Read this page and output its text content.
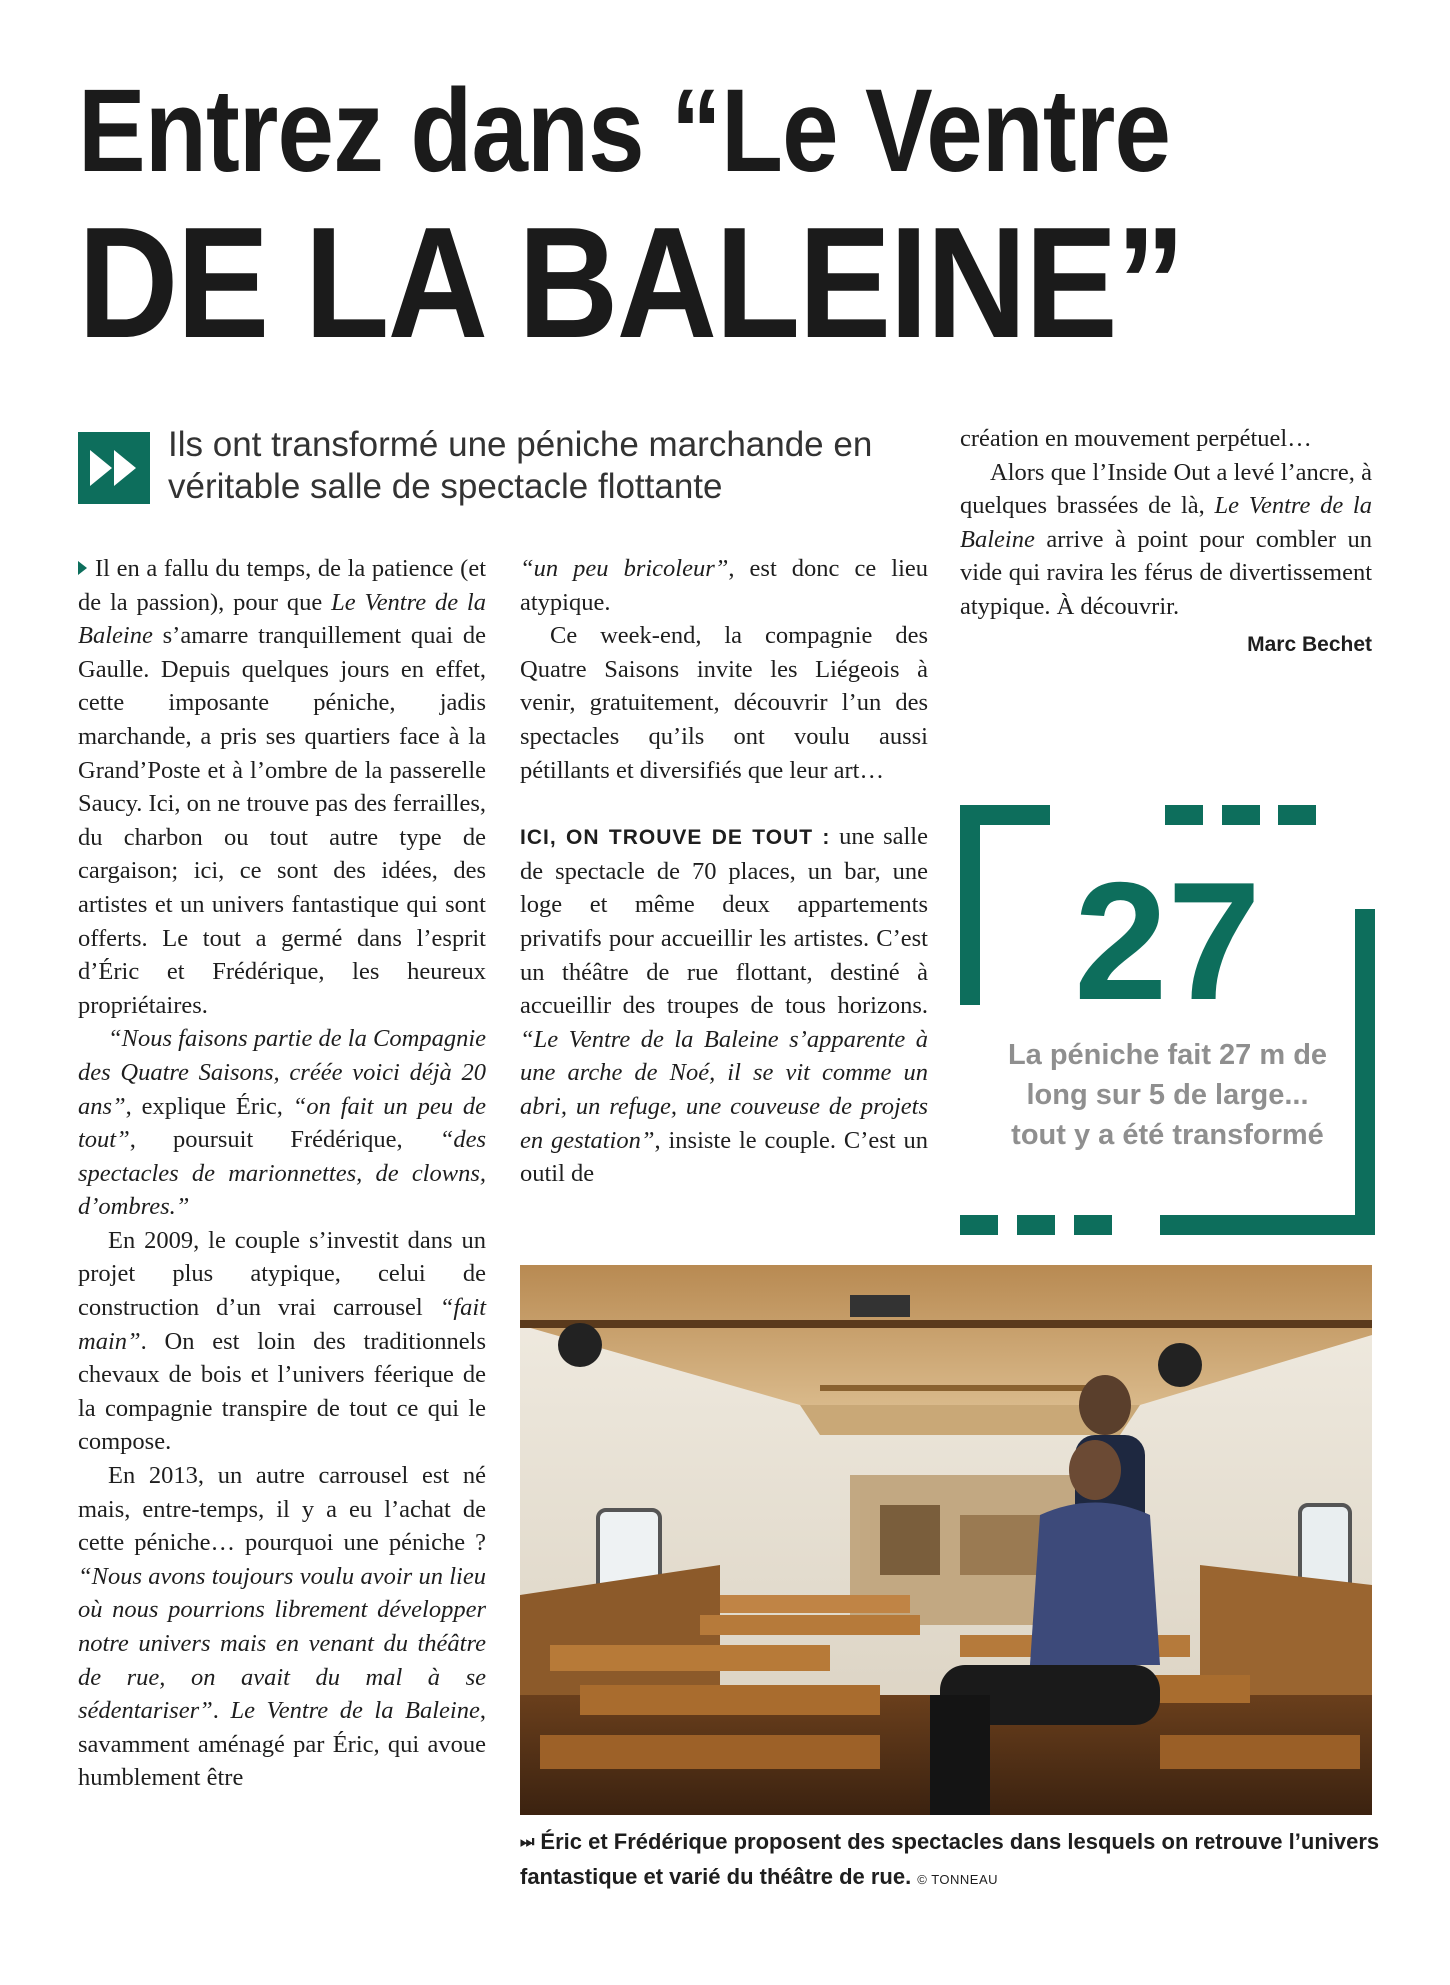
Entrez dans “Le Ventre
DE LA BALEINE”
Ils ont transformé une péniche marchande en véritable salle de spectacle flottante

Il en a fallu du temps, de la patience (et de la passion), pour que Le Ventre de la Baleine s’amarre tranquillement quai de Gaulle. Depuis quelques jours en effet, cette imposante péniche, jadis marchande, a pris ses quartiers face à la Grand’Poste et à l’ombre de la passerelle Saucy. Ici, on ne trouve pas des ferrailles, du charbon ou tout autre type de cargaison; ici, ce sont des idées, des artistes et un univers fantastique qui sont offerts. Le tout a germé dans l’esprit d’Éric et Frédérique, les heureux propriétaires.

“Nous faisons partie de la Compagnie des Quatre Saisons, créée voici déjà 20 ans”, explique Éric, “on fait un peu de tout”, poursuit Frédérique, “des spectacles de marionnettes, de clowns, d’ombres.”

En 2009, le couple s’investit dans un projet plus atypique, celui de construction d’un vrai carrousel “fait main”. On est loin des traditionnels chevaux de bois et l’univers féerique de la compagnie transpire de tout ce qui le compose.

En 2013, un autre carrousel est né mais, entre-temps, il y a eu l’achat de cette péniche… pourquoi une péniche ? “Nous avons toujours voulu avoir un lieu où nous pourrions librement développer notre univers mais en venant du théâtre de rue, on avait du mal à se sédentariser”. Le Ventre de la Baleine, savamment aménagé par Éric, qui avoue humblement être

“un peu bricoleur”, est donc ce lieu atypique.

Ce week-end, la compagnie des Quatre Saisons invite les Liégeois à venir, gratuitement, découvrir l’un des spectacles qu’ils ont voulu aussi pétillants et diversifiés que leur art…

ICI, ON TROUVE DE TOUT : une salle de spectacle de 70 places, un bar, une loge et même deux appartements privatifs pour accueillir les artistes. C’est un théâtre de rue flottant, destiné à accueillir des troupes de tous horizons. “Le Ventre de la Baleine s’apparente à une arche de Noé, il se vit comme un abri, un refuge, une couveuse de projets en gestation”, insiste le couple. C’est un outil de

création en mouvement perpétuel…

Alors que l’Inside Out a levé l’ancre, à quelques brassées de là, Le Ventre de la Baleine arrive à point pour combler un vide qui ravira les férus de divertissement atypique. À découvrir.

Marc Bechet
27
La péniche fait 27 m de long sur 5 de large... tout y a été transformé
⏭ Éric et Frédérique proposent des spectacles dans lesquels on retrouve l’univers fantastique et varié du théâtre de rue. © TONNEAU
